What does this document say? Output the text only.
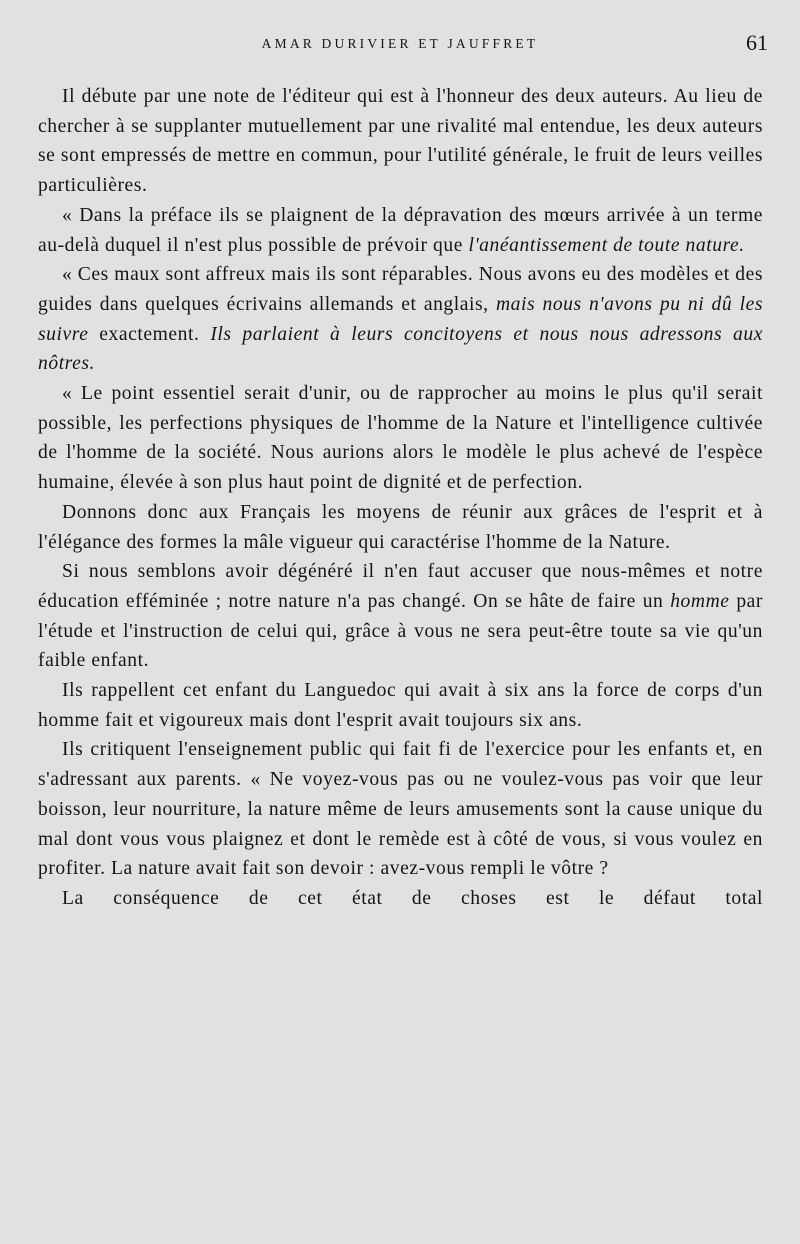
AMAR DURIVIER ET JAUFFRET	61

Il débute par une note de l'éditeur qui est à l'honneur des deux auteurs. Au lieu de chercher à se supplanter mutuellement par une rivalité mal entendue, les deux auteurs se sont empressés de mettre en commun, pour l'utilité générale, le fruit de leurs veilles particulières.

« Dans la préface ils se plaignent de la dépravation des mœurs arrivée à un terme au-delà duquel il n'est plus possible de prévoir que l'anéantissement de toute nature.

« Ces maux sont affreux mais ils sont réparables. Nous avons eu des modèles et des guides dans quelques écrivains allemands et anglais, mais nous n'avons pu ni dû les suivre exactement. Ils parlaient à leurs concitoyens et nous nous adressons aux nôtres.

« Le point essentiel serait d'unir, ou de rapprocher au moins le plus qu'il serait possible, les perfections physiques de l'homme de la Nature et l'intelligence cultivée de l'homme de la société. Nous aurions alors le modèle le plus achevé de l'espèce humaine, élevée à son plus haut point de dignité et de perfection.

Donnons donc aux Français les moyens de réunir aux grâces de l'esprit et à l'élégance des formes la mâle vigueur qui caractérise l'homme de la Nature.

Si nous semblons avoir dégénéré il n'en faut accuser que nous-mêmes et notre éducation efféminée ; notre nature n'a pas changé. On se hâte de faire un homme par l'étude et l'instruction de celui qui, grâce à vous ne sera peut-être toute sa vie qu'un faible enfant.

Ils rappellent cet enfant du Languedoc qui avait à six ans la force de corps d'un homme fait et vigoureux mais dont l'esprit avait toujours six ans.

Ils critiquent l'enseignement public qui fait fi de l'exercice pour les enfants et, en s'adressant aux parents. « Ne voyez-vous pas ou ne voulez-vous pas voir que leur boisson, leur nourriture, la nature même de leurs amusements sont la cause unique du mal dont vous vous plaignez et dont le remède est à côté de vous, si vous voulez en profiter. La nature avait fait son devoir : avez-vous rempli le vôtre ?

La conséquence de cet état de choses est le défaut total
